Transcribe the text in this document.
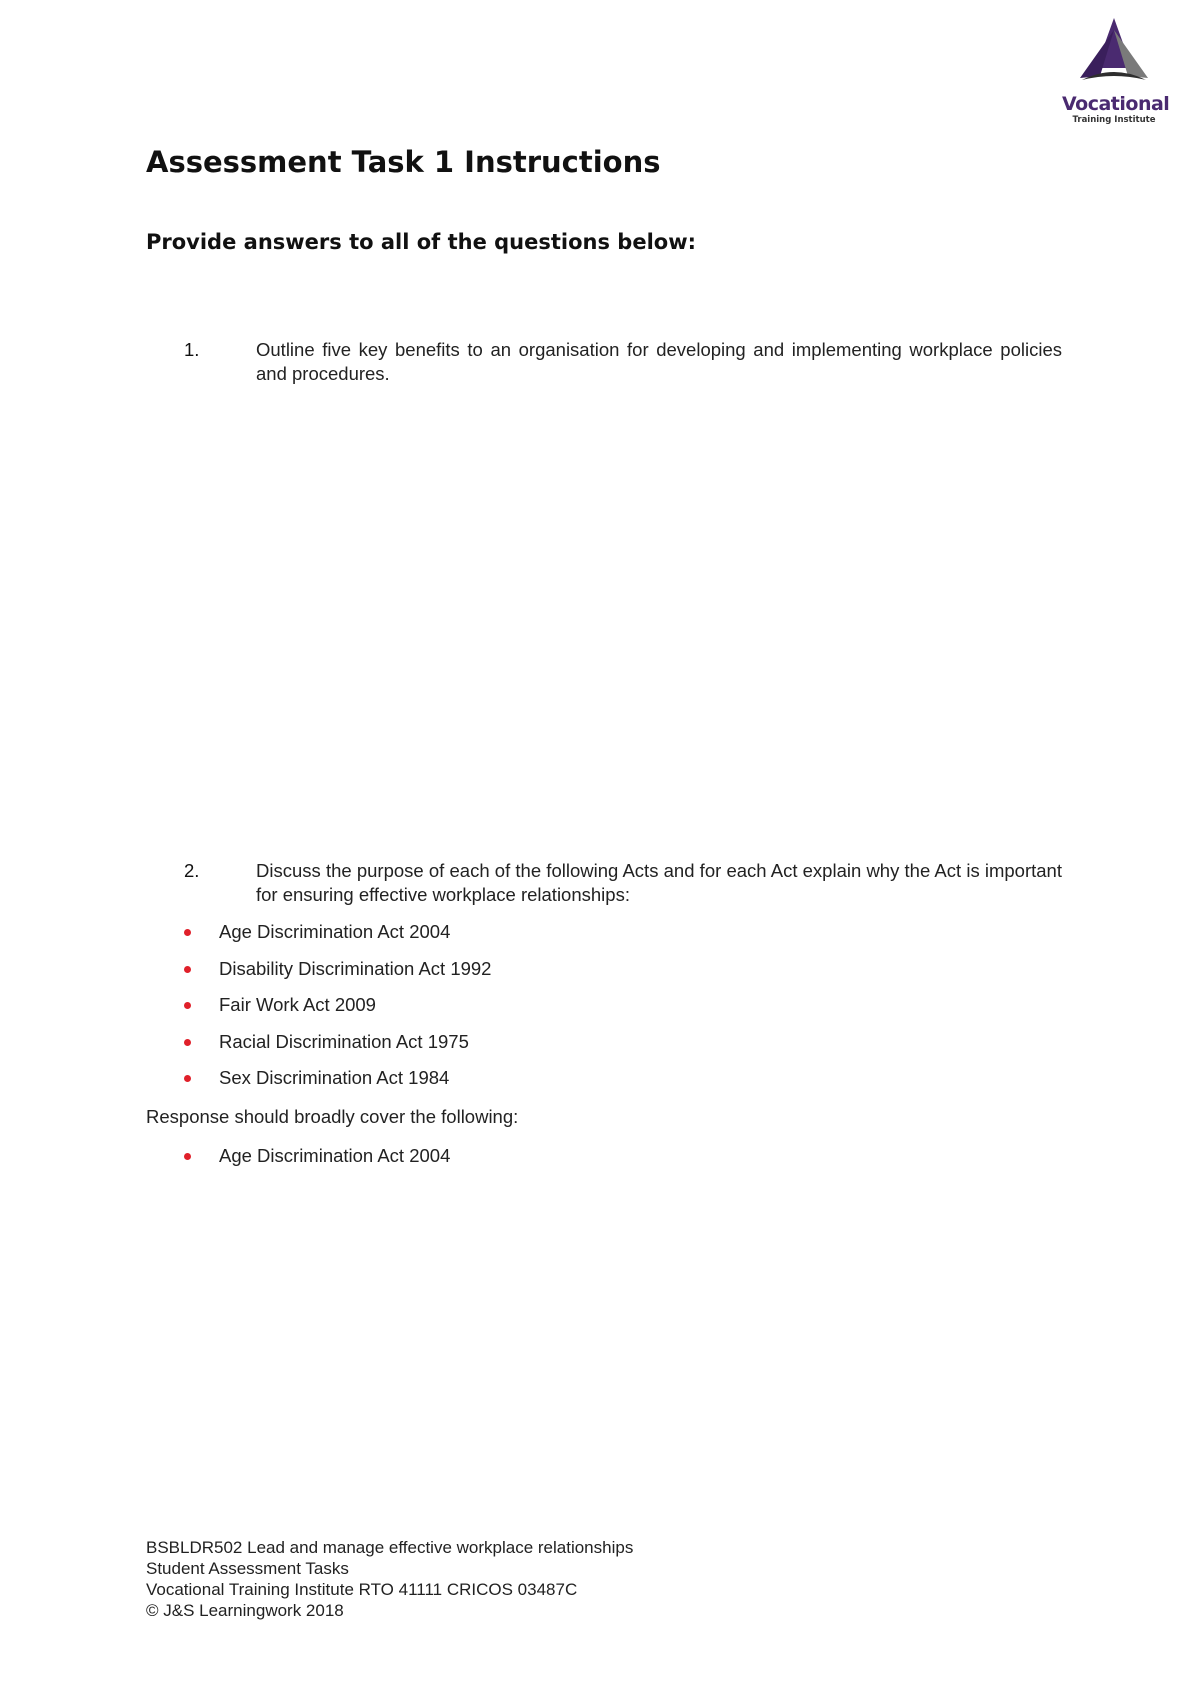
Vocational
Training Institute
Assessment Task 1 Instructions
Provide answers to all of the questions below:
1.	Outline five key benefits to an organisation for developing and implementing workplace policies and procedures.
2.	Discuss the purpose of each of the following Acts and for each Act explain why the Act is important for ensuring effective workplace relationships:
Age Discrimination Act 2004
Disability Discrimination Act 1992
Fair Work Act 2009
Racial Discrimination Act 1975
Sex Discrimination Act 1984
Response should broadly cover the following:
Age Discrimination Act 2004
BSBLDR502 Lead and manage effective workplace relationships
Student Assessment Tasks
Vocational Training Institute RTO 41111 CRICOS 03487C
© J&S Learningwork 2018
